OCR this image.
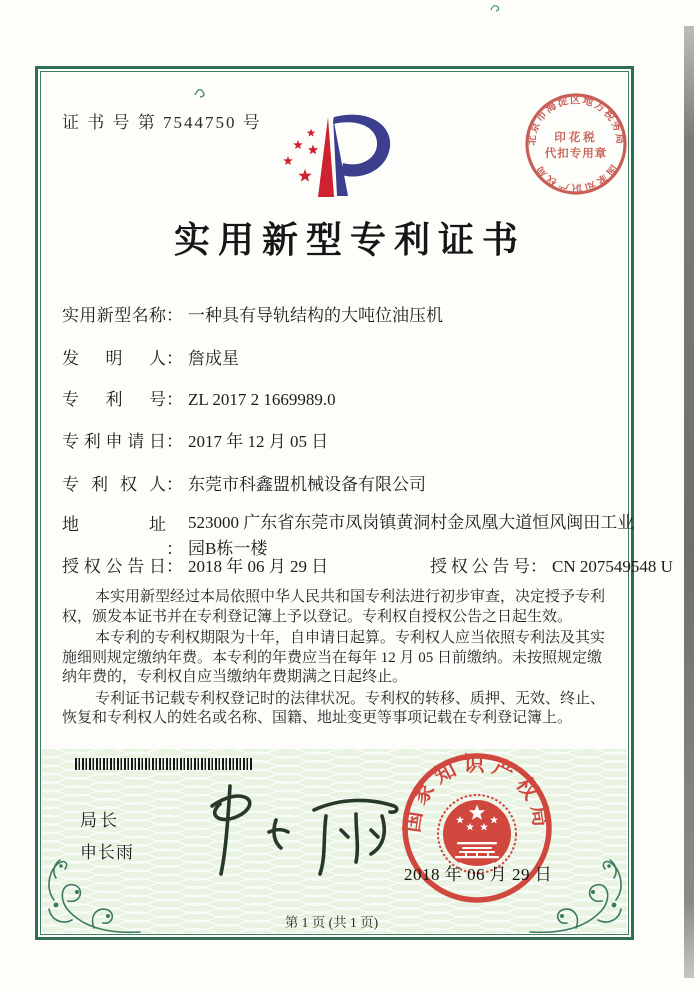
证 书 号 第 7544750 号
北京市海淀区地方税务局
国家知识产权局
印花税
代扣专用章
实用新型专利证书
实用新型名称： 一种具有导轨结构的大吨位油压机
发明人： 詹成星
专利号： ZL 2017 2 1669989.0
专利申请日： 2017 年 12 月 05 日
专利权人： 东莞市科鑫盟机械设备有限公司
地址：523000 广东省东莞市凤岗镇黄洞村金凤凰大道恒风闽田工业园B栋一楼
授权公告日： 2018 年 06 月 29 日	授权公告号： CN 207549548 U

本实用新型经过本局依照中华人民共和国专利法进行初步审查，决定授予专利权，颁发本证书并在专利登记簿上予以登记。专利权自授权公告之日起生效。

本专利的专利权期限为十年，自申请日起算。专利权人应当依照专利法及其实施细则规定缴纳年费。本专利的年费应当在每年 12 月 05 日前缴纳。未按照规定缴纳年费的，专利权自应当缴纳年费期满之日起终止。

专利证书记载专利权登记时的法律状况。专利权的转移、质押、无效、终止、恢复和专利权人的姓名或名称、国籍、地址变更等事项记载在专利登记簿上。

局长
申长雨
国家知识产权局
2018 年 06 月 29 日
第 1 页 (共 1 页)
